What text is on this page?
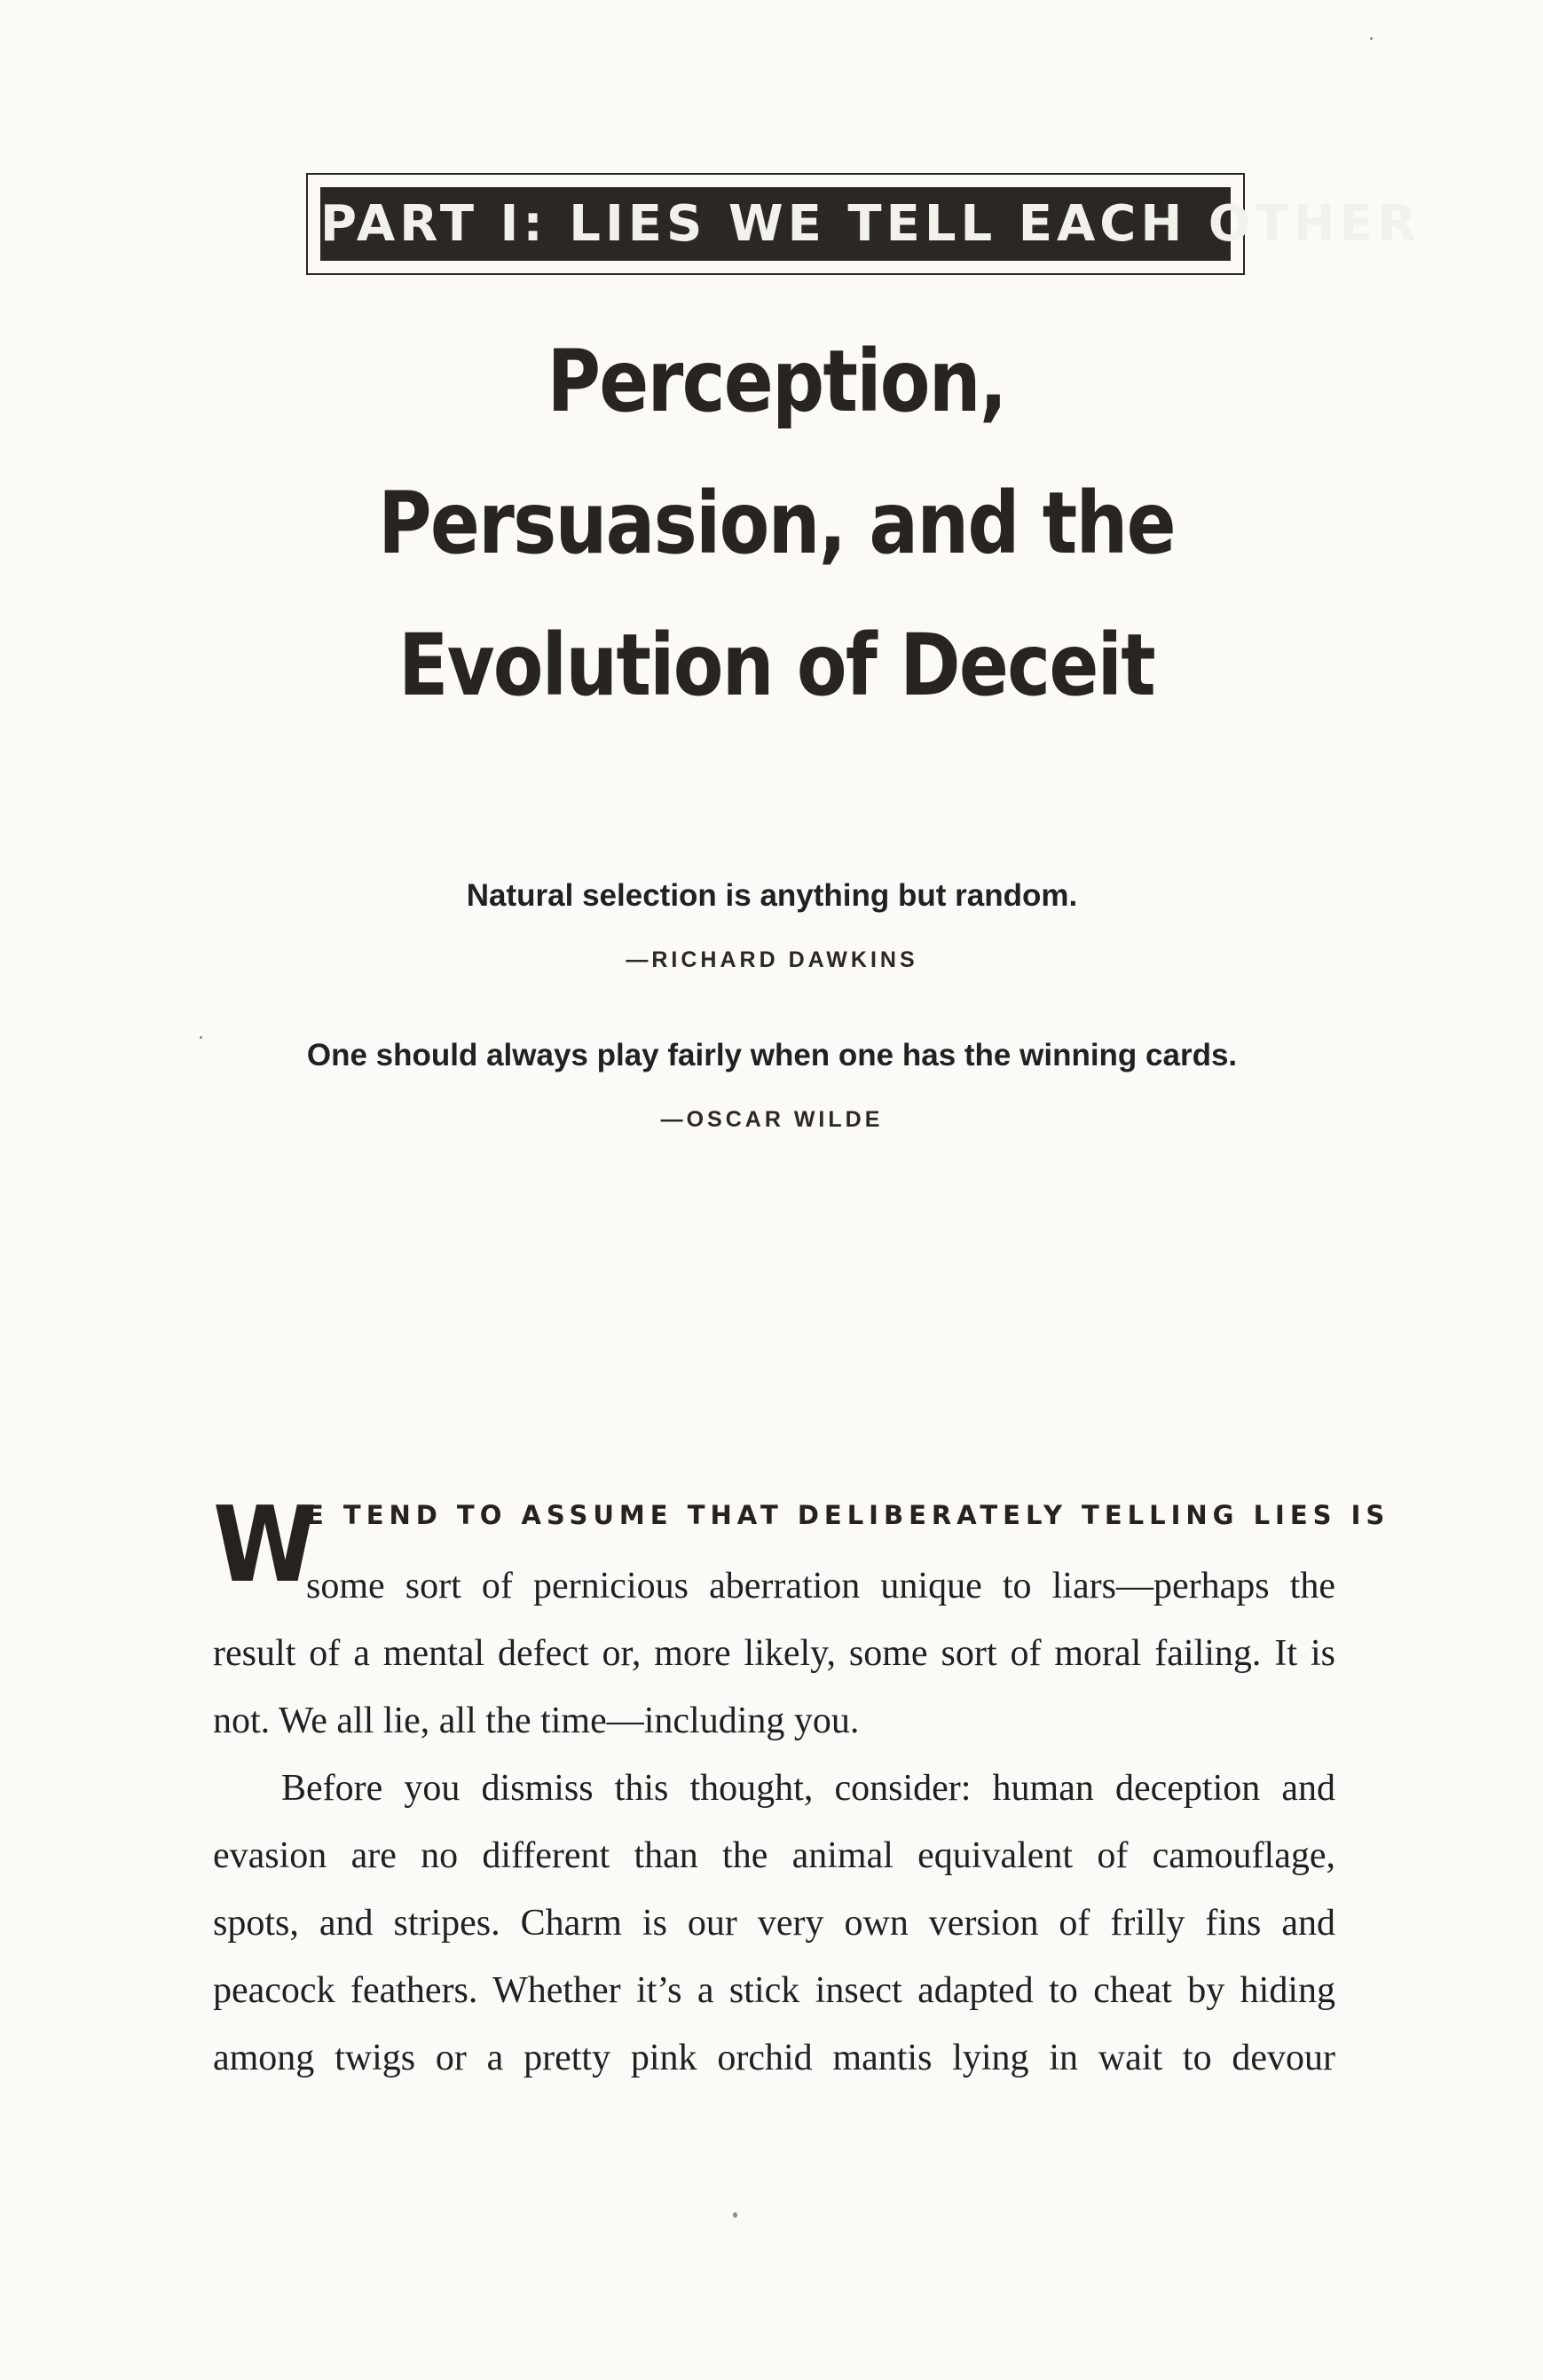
PART I: LIES WE TELL EACH OTHER
Perception,
Persuasion, and the
Evolution of Deceit
Natural selection is anything but random.
—RICHARD DAWKINS
One should always play fairly when one has the winning cards.
—OSCAR WILDE
W
E TEND TO ASSUME THAT DELIBERATELY TELLING LIES IS
some sort of pernicious aberration unique to liars—perhaps the
result of a mental defect or, more likely, some sort of moral failing. It is
not. We all lie, all the time—including you.
Before you dismiss this thought, consider: human deception and
evasion are no different than the animal equivalent of camouflage,
spots, and stripes. Charm is our very own version of frilly fins and
peacock feathers. Whether it’s a stick insect adapted to cheat by hiding
among twigs or a pretty pink orchid mantis lying in wait to devour
